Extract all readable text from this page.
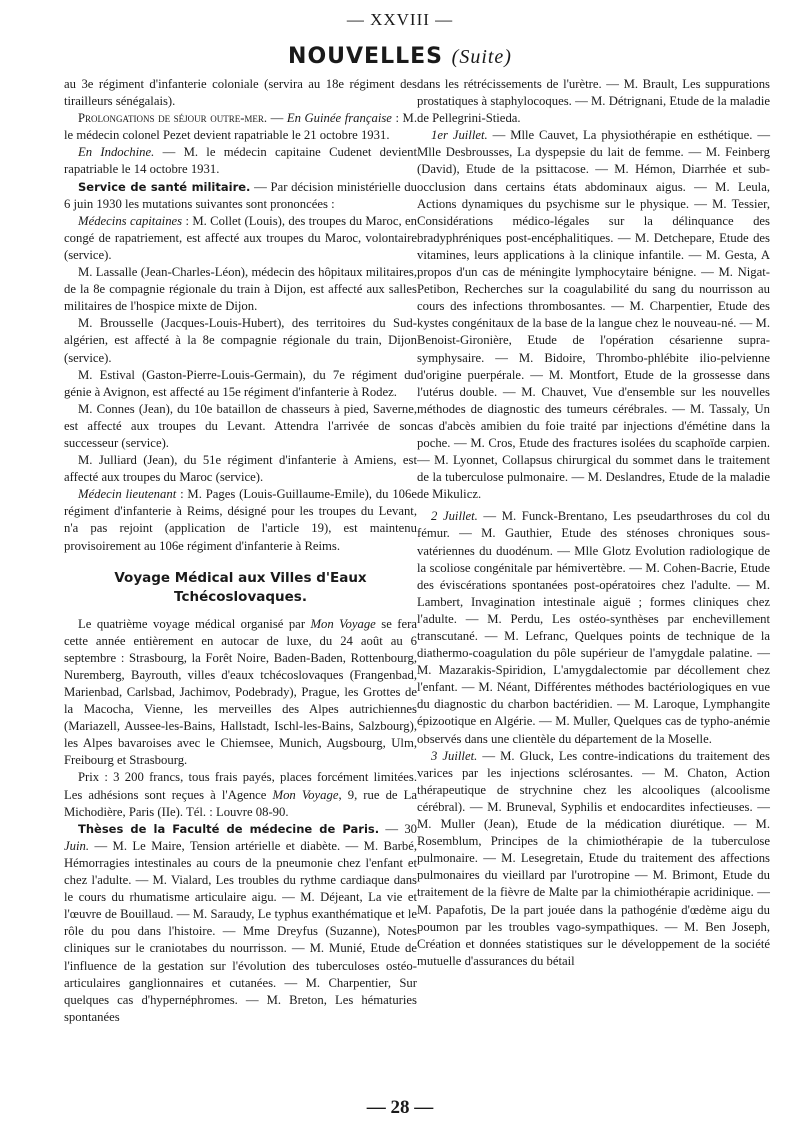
— XXVIII —
NOUVELLES (Suite)

au 3e régiment d'infanterie coloniale (servira au 18e régiment des tirailleurs sénégalais).

Prolongations de séjour outre-mer. — En Guinée française : M. le médecin colonel Pezet devient rapatriable le 21 octobre 1931.

En Indochine. — M. le médecin capitaine Cudenet devient rapatriable le 14 octobre 1931.

Service de santé militaire. — Par décision ministérielle du 6 juin 1930 les mutations suivantes sont prononcées :

Médecins capitaines : M. Collet (Louis), des troupes du Maroc, en congé de rapatriement, est affecté aux troupes du Maroc, volontaire (service).

M. Lassalle (Jean-Charles-Léon), médecin des hôpitaux militaires, de la 8e compagnie régionale du train à Dijon, est affecté aux salles militaires de l'hospice mixte de Dijon.

M. Brousselle (Jacques-Louis-Hubert), des territoires du Sud-algérien, est affecté à la 8e compagnie régionale du train, Dijon (service).

M. Estival (Gaston-Pierre-Louis-Germain), du 7e régiment du génie à Avignon, est affecté au 15e régiment d'infanterie à Rodez.

M. Connes (Jean), du 10e bataillon de chasseurs à pied, Saverne, est affecté aux troupes du Levant. Attendra l'arrivée de son successeur (service).

M. Julliard (Jean), du 51e régiment d'infanterie à Amiens, est affecté aux troupes du Maroc (service).

Médecin lieutenant : M. Pages (Louis-Guillaume-Emile), du 106e régiment d'infanterie à Reims, désigné pour les troupes du Levant, n'a pas rejoint (application de l'article 19), est maintenu provisoirement au 106e régiment d'infanterie à Reims.

Voyage Médical aux Villes d'Eaux
Tchécoslovaques.

Le quatrième voyage médical organisé par Mon Voyage se fera cette année entièrement en autocar de luxe, du 24 août au 6 septembre : Strasbourg, la Forêt Noire, Baden-Baden, Rottenbourg, Nuremberg, Bayrouth, villes d'eaux tchécoslovaques (Frangenbad, Marienbad, Carlsbad, Jachimov, Podebrady), Prague, les Grottes de la Macocha, Vienne, les merveilles des Alpes autrichiennes (Mariazell, Aussee-les-Bains, Hallstadt, Ischl-les-Bains, Salzbourg), les Alpes bavaroises avec le Chiemsee, Munich, Augsbourg, Ulm, Freibourg et Strasbourg.

Prix : 3 200 francs, tous frais payés, places forcément limitées. Les adhésions sont reçues à l'Agence Mon Voyage, 9, rue de La Michodière, Paris (IIe). Tél. : Louvre 08-90.

Thèses de la Faculté de médecine de Paris. — 30 Juin. — M. Le Maire, Tension artérielle et diabète. — M. Barbé, Hémorragies intestinales au cours de la pneumonie chez l'enfant et chez l'adulte. — M. Vialard, Les troubles du rythme cardiaque dans le cours du rhumatisme articulaire aigu. — M. Déjeant, La vie et l'œuvre de Bouillaud. — M. Saraudy, Le typhus exanthématique et le rôle du pou dans l'histoire. — Mme Dreyfus (Suzanne), Notes cliniques sur le craniotabes du nourrisson. — M. Munié, Etude de l'influence de la gestation sur l'évolution des tuberculoses ostéo-articulaires ganglionnaires et cutanées. — M. Charpentier, Sur quelques cas d'hypernéphromes. — M. Breton, Les hématuries spontanées

dans les rétrécissements de l'urètre. — M. Brault, Les suppurations prostatiques à staphylocoques. — M. Détrignani, Etude de la maladie de Pellegrini-Stieda.

1er Juillet. — Mlle Cauvet, La physiothérapie en esthétique. — Mlle Desbrousses, La dyspepsie du lait de femme. — M. Feinberg (David), Etude de la psittacose. — M. Hémon, Diarrhée et sub-occlusion dans certains états abdominaux aigus. — M. Leula, Actions dynamiques du psychisme sur le physique. — M. Tessier, Considérations médico-légales sur la délinquance des bradyphréniques post-encéphalitiques. — M. Detchepare, Etude des vitamines, leurs applications à la clinique infantile. — M. Gesta, A propos d'un cas de méningite lymphocytaire bénigne. — M. Nigat-Petibon, Recherches sur la coagulabilité du sang du nourrisson au cours des infections thrombosantes. — M. Charpentier, Etude des kystes congénitaux de la base de la langue chez le nouveau-né. — M. Benoist-Gironière, Etude de l'opération césarienne supra-symphysaire. — M. Bidoire, Thrombo-phlébite ilio-pelvienne d'origine puerpérale. — M. Montfort, Etude de la grossesse dans l'utérus double. — M. Chauvet, Vue d'ensemble sur les nouvelles méthodes de diagnostic des tumeurs cérébrales. — M. Tassaly, Un cas d'abcès amibien du foie traité par injections d'émétine dans la poche. — M. Cros, Etude des fractures isolées du scaphoïde carpien. — M. Lyonnet, Collapsus chirurgical du sommet dans le traitement de la tuberculose pulmonaire. — M. Deslandres, Etude de la maladie de Mikulicz.

2 Juillet. — M. Funck-Brentano, Les pseudarthroses du col du fémur. — M. Gauthier, Etude des sténoses chroniques sous-vatériennes du duodénum. — Mlle Glotz Evolution radiologique de la scoliose congénitale par hémivertèbre. — M. Cohen-Bacrie, Etude des éviscérations spontanées post-opératoires chez l'adulte. — M. Lambert, Invagination intestinale aiguë ; formes cliniques chez l'adulte. — M. Perdu, Les ostéo-synthèses par enchevillement transcutané. — M. Lefranc, Quelques points de technique de la diathermo-coagulation du pôle supérieur de l'amygdale palatine. — M. Mazarakis-Spiridion, L'amygdalectomie par décollement chez l'enfant. — M. Néant, Différentes méthodes bactériologiques en vue du diagnostic du charbon bactéridien. — M. Laroque, Lymphangite épizootique en Algérie. — M. Muller, Quelques cas de typho-anémie observés dans une clientèle du département de la Moselle.

3 Juillet. — M. Gluck, Les contre-indications du traitement des varices par les injections sclérosantes. — M. Chaton, Action thérapeutique de strychnine chez les alcooliques (alcoolisme cérébral). — M. Bruneval, Syphilis et endocardites infectieuses. — M. Muller (Jean), Etude de la médication diurétique. — M. Rosemblum, Principes de la chimiothérapie de la tuberculose pulmonaire. — M. Lesegretain, Etude du traitement des affections pulmonaires du vieillard par l'urotropine — M. Brimont, Etude du traitement de la fièvre de Malte par la chimiothérapie acridinique. — M. Papafotis, De la part jouée dans la pathogénie d'œdème aigu du poumon par les troubles vago-sympathiques. — M. Ben Joseph, Création et données statistiques sur le développement de la société mutuelle d'assurances du bétail

— 28 —
